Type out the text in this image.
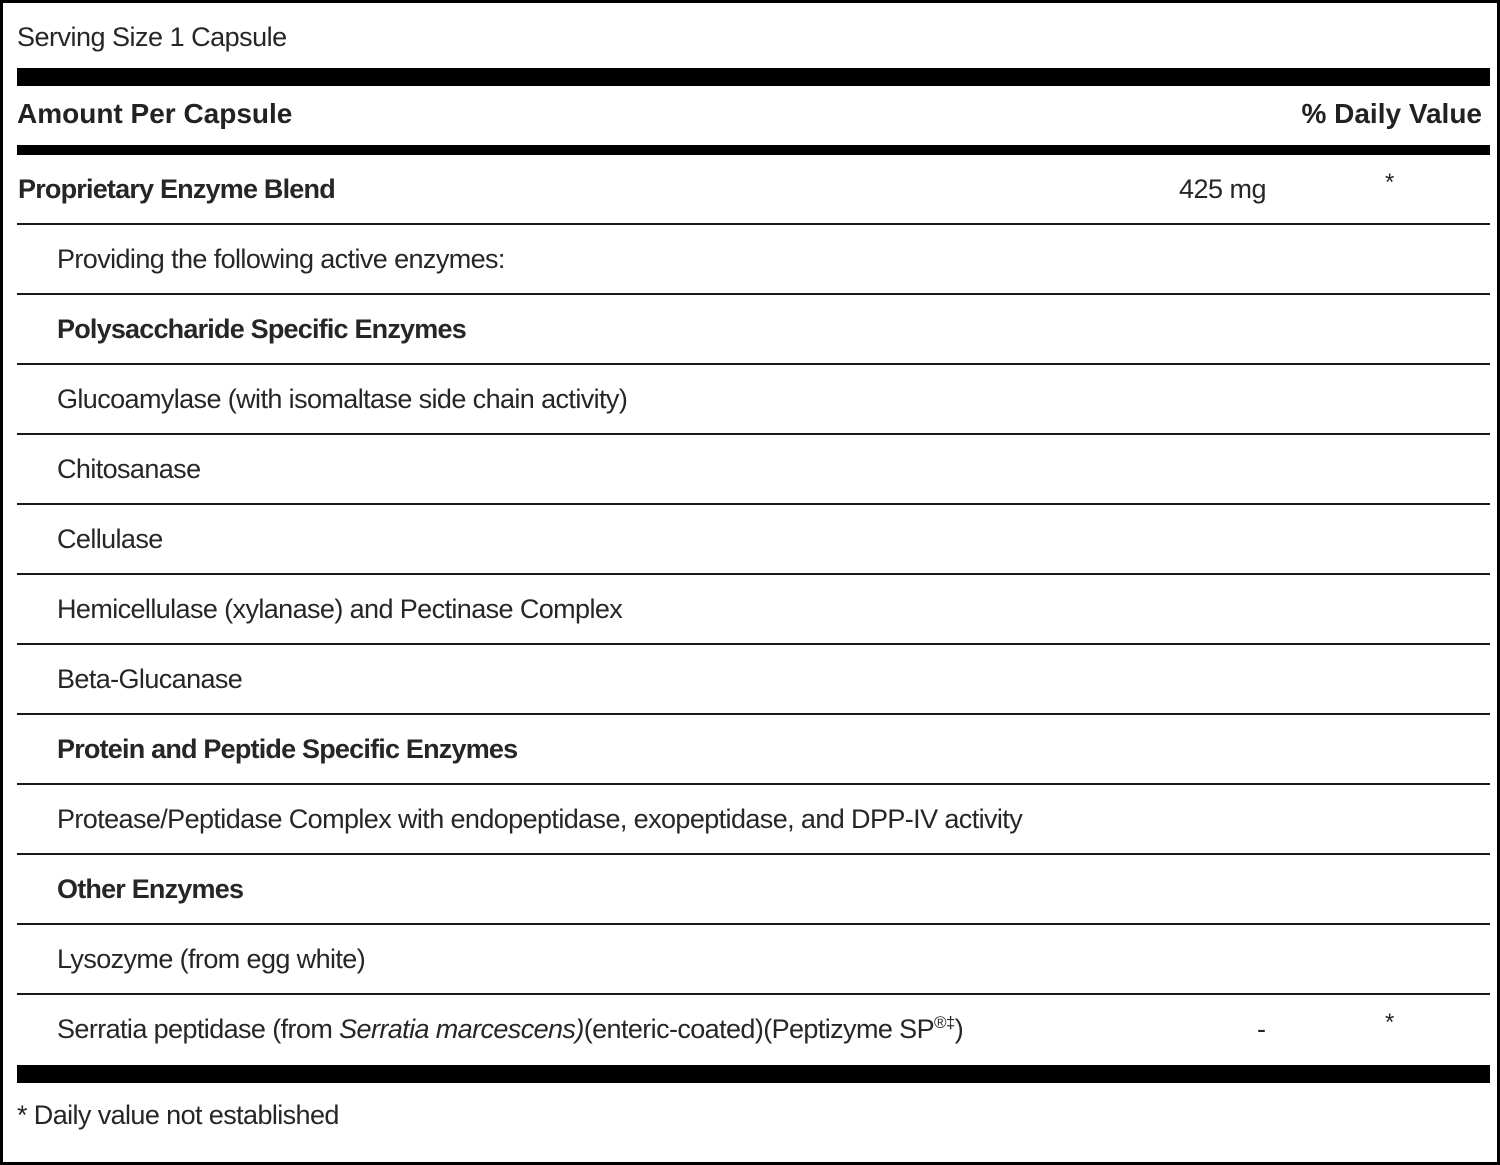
Serving Size 1 Capsule
Amount Per Capsule	% Daily Value
Proprietary Enzyme Blend	425 mg	*
Providing the following active enzymes:
Polysaccharide Specific Enzymes
Glucoamylase (with isomaltase side chain activity)
Chitosanase
Cellulase
Hemicellulase (xylanase) and Pectinase Complex
Beta-Glucanase
Protein and Peptide Specific Enzymes
Protease/Peptidase Complex with endopeptidase, exopeptidase, and DPP-IV activity
Other Enzymes
Lysozyme (from egg white)
Serratia peptidase (from Serratia marcescens)(enteric-coated)(Peptizyme SP®‡)	-	*
* Daily value not established
